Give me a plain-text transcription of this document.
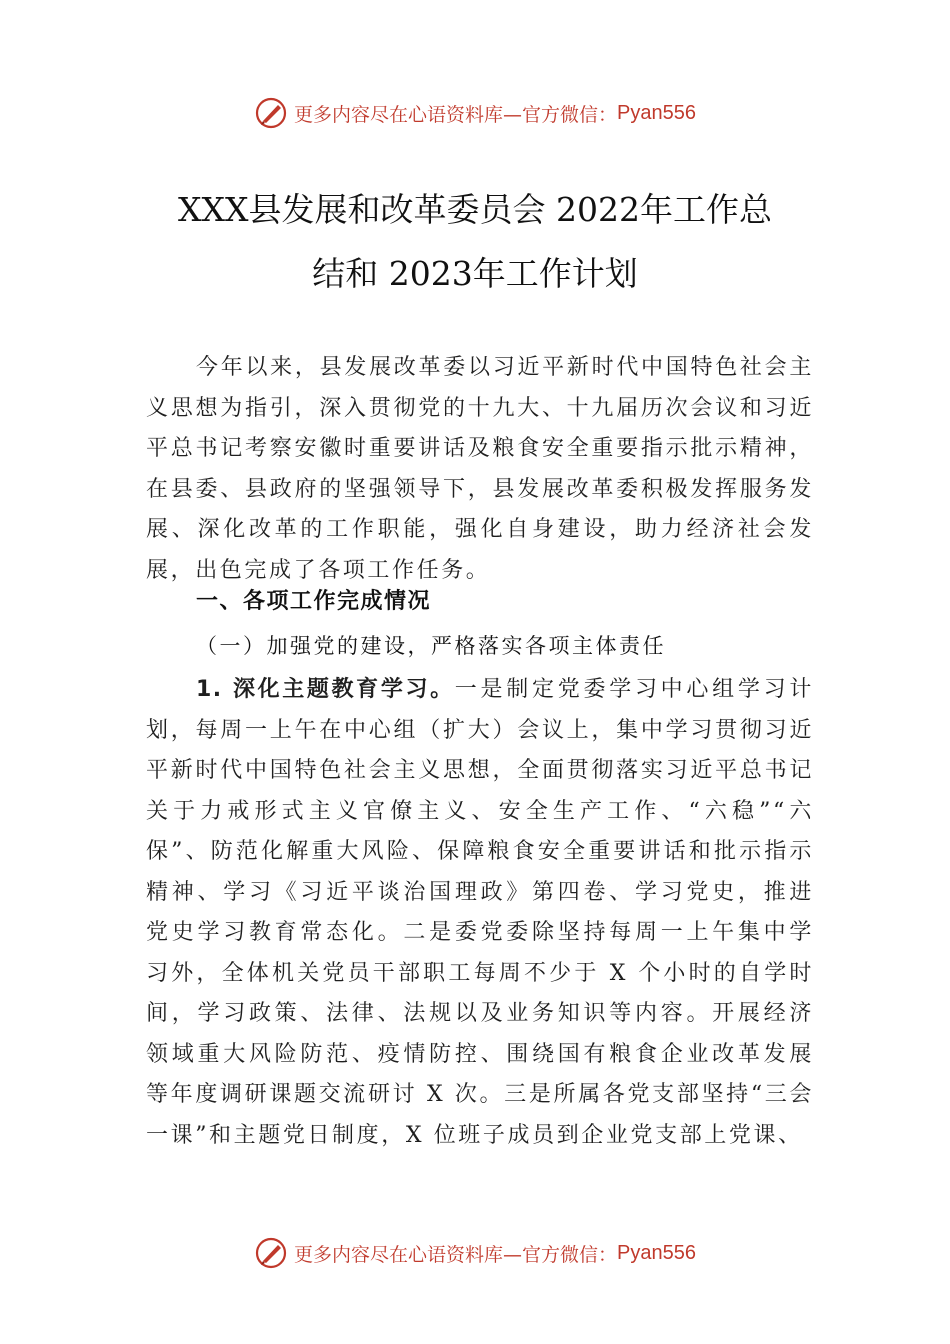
更多内容尽在心语资料库—官方微信： Pyan556
XXX县发展和改革委员会 2022年工作总
结和 2023年工作计划

今年以来，县发展改革委以习近平新时代中国特色社会主义思想为指引，深入贯彻党的十九大、十九届历次会议和习近平总书记考察安徽时重要讲话及粮食安全重要指示批示精神，在县委、县政府的坚强领导下，县发展改革委积极发挥服务发展、深化改革的工作职能，强化自身建设，助力经济社会发展，出色完成了各项工作任务。

一、各项工作完成情况
（一）加强党的建设，严格落实各项主体责任

1. 深化主题教育学习。一是制定党委学习中心组学习计划，每周一上午在中心组（扩大）会议上，集中学习贯彻习近平新时代中国特色社会主义思想，全面贯彻落实习近平总书记关于力戒形式主义官僚主义、安全生产工作、“六稳”“六保”、防范化解重大风险、保障粮食安全重要讲话和批示指示 精神、学习《习近平谈治国理政》第四卷、学习党史，推进 党史学习教育常态化。二是委党委除坚持每周一上午集中学 习外，全体机关党员干部职工每周不少于 X 个小时的自学时间，学习政策、法律、法规以及业务知识等内容。开展经济 领域重大风险防范、疫情防控、围绕国有粮食企业改革发展 等年度调研课题交流研讨 X 次。三是所属各党支部坚持“三会一课”和主题党日制度，X 位班子成员到企业党支部上党课、

更多内容尽在心语资料库—官方微信： Pyan556
